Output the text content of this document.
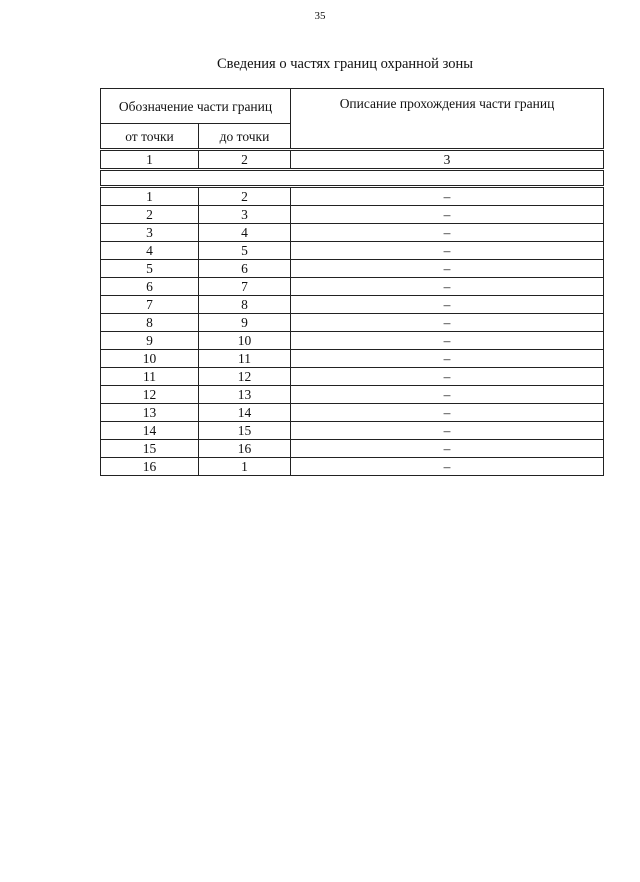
35
Сведения о частях границ охранной зоны
Обозначение части границ		Описание прохождения части границ
от точки	до точки	
1	2	3

1	2	–
2	3	–
3	4	–
4	5	–
5	6	–
6	7	–
7	8	–
8	9	–
9	10	–
10	11	–
11	12	–
12	13	–
13	14	–
14	15	–
15	16	–
16	1	–
